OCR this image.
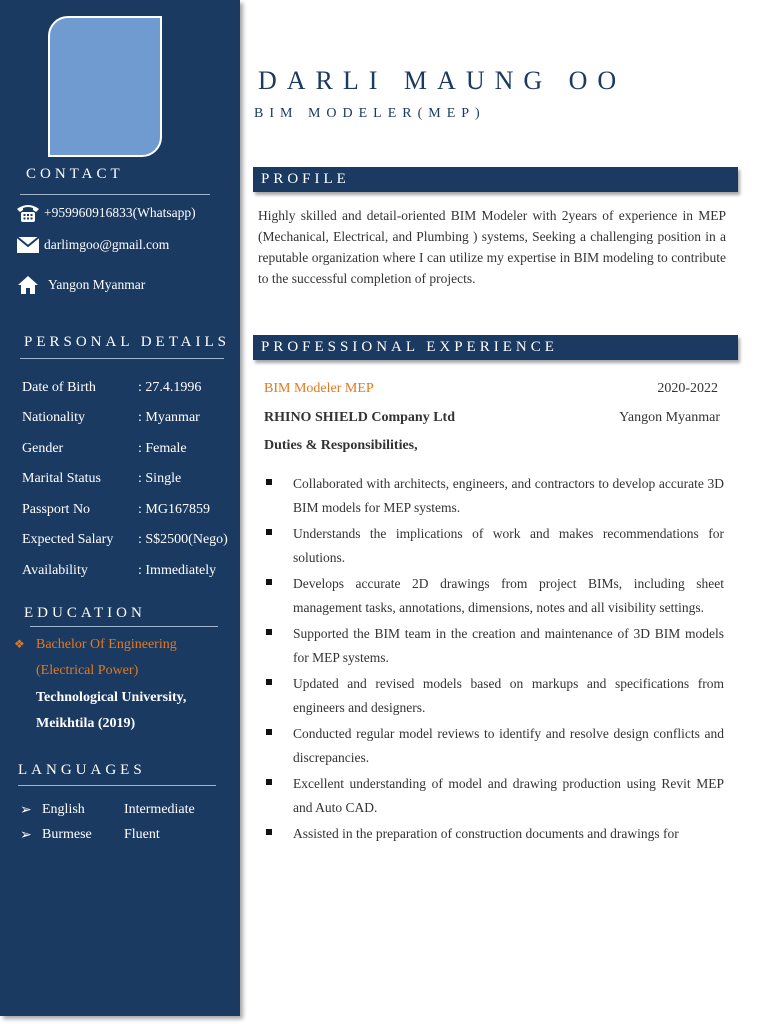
CONTACT
+959960916833(Whatsapp)
darlimgoo@gmail.com
Yangon Myanmar
PERSONAL DETAILS
Date of Birth	: 27.4.1996
Nationality	: Myanmar
Gender	: Female
Marital Status	: Single
Passport No	: MG167859
Expected Salary	: S$2500(Nego)
Availability	: Immediately
EDUCATION
❖ Bachelor Of Engineering
(Electrical Power)
Technological University,
Meikhtila (2019)
LANGUAGES
➢ English	Intermediate
➢ Burmese	Fluent
DARLI MAUNG OO
BIM MODELER(MEP)
PROFILE
Highly skilled and detail-oriented BIM Modeler with 2years of experience in MEP (Mechanical, Electrical, and Plumbing ) systems, Seeking a challenging position in a reputable organization where I can utilize my expertise in BIM modeling to contribute to the successful completion of projects.
PROFESSIONAL EXPERIENCE
BIM Modeler MEP	2020-2022
RHINO SHIELD Company Ltd	Yangon Myanmar
Duties & Responsibilities,
Collaborated with architects, engineers, and contractors to develop accurate 3D BIM models for MEP systems.
Understands the implications of work and makes recommendations for solutions.
Develops accurate 2D drawings from project BIMs, including sheet management tasks, annotations, dimensions, notes and all visibility settings.
Supported the BIM team in the creation and maintenance of 3D BIM models for MEP systems.
Updated and revised models based on markups and specifications from engineers and designers.
Conducted regular model reviews to identify and resolve design conflicts and discrepancies.
Excellent understanding of model and drawing production using Revit MEP and Auto CAD.
Assisted in the preparation of construction documents and drawings for
